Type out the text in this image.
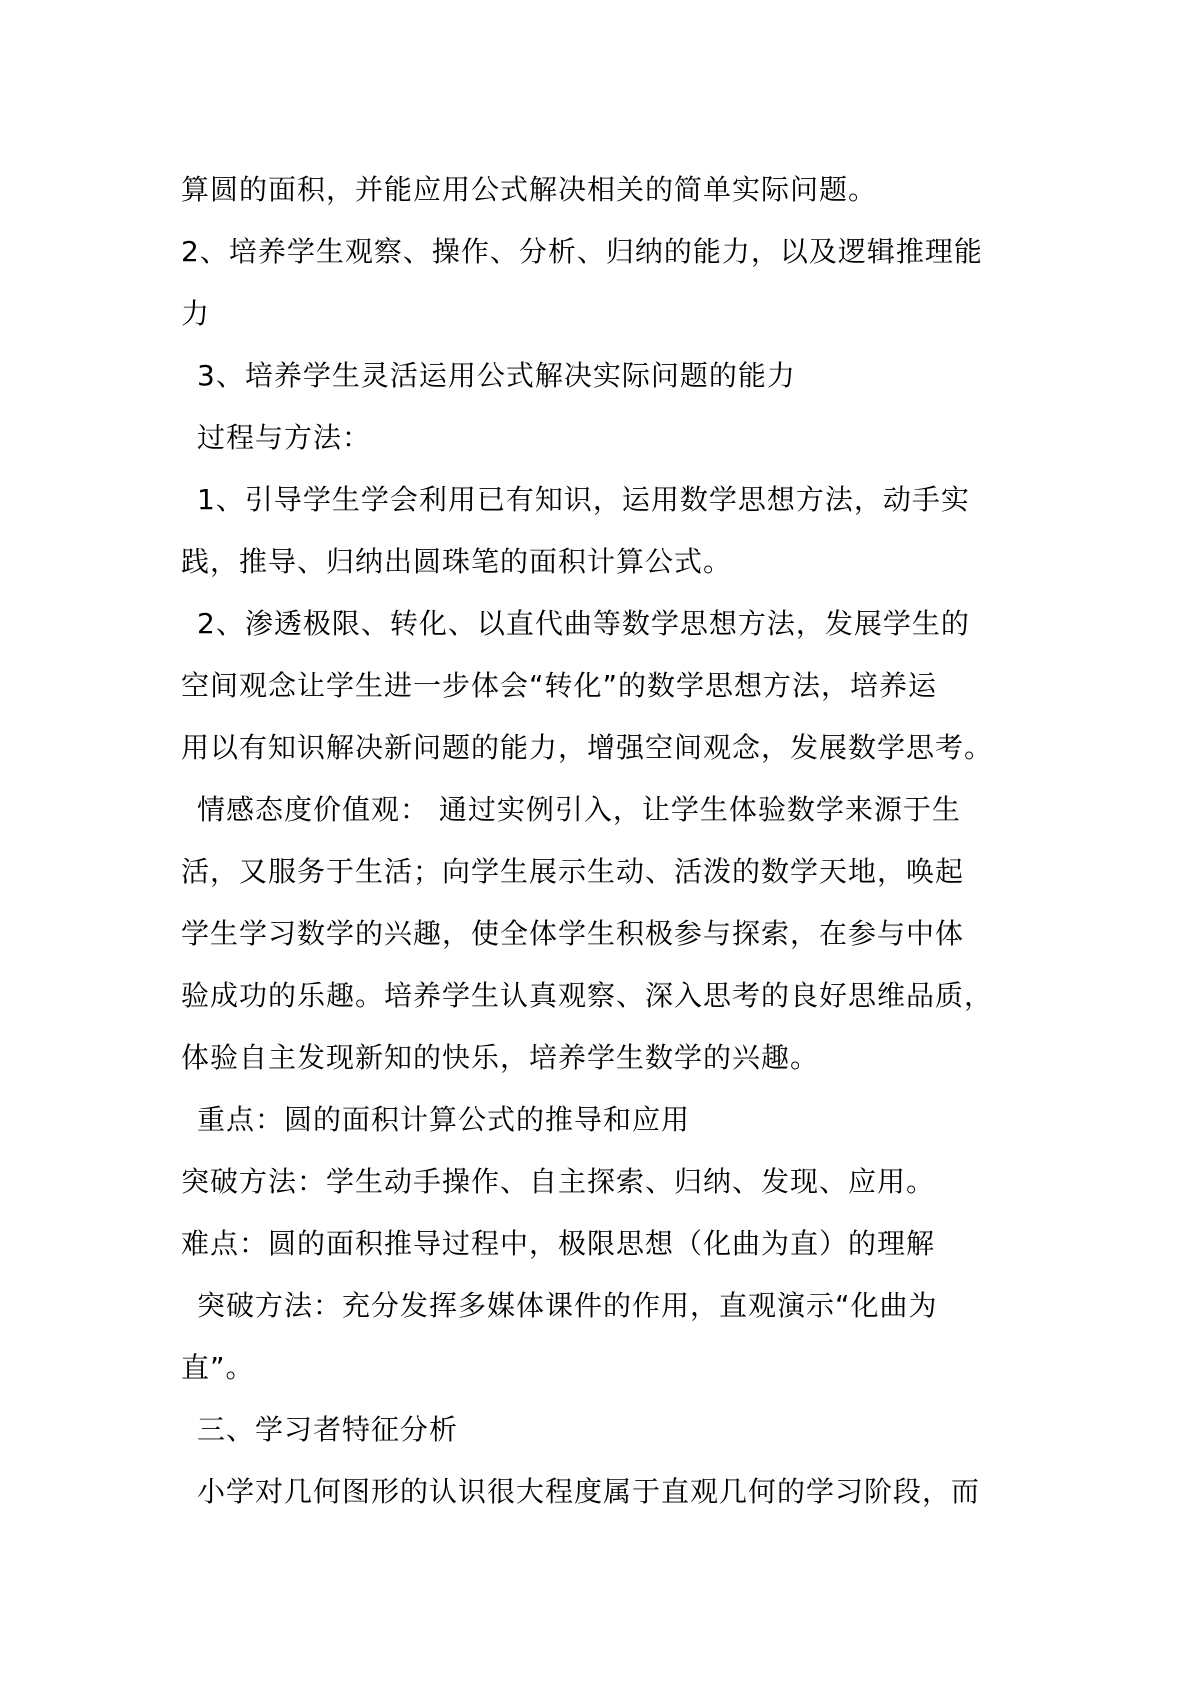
算圆的面积，并能应用公式解决相关的简单实际问题。

2、培养学生观察、操作、分析、归纳的能力，以及逻辑推理能

力

3、培养学生灵活运用公式解决实际问题的能力

过程与方法：

1、引导学生学会利用已有知识，运用数学思想方法，动手实

践，推导、归纳出圆珠笔的面积计算公式。

2、渗透极限、转化、以直代曲等数学思想方法，发展学生的

空间观念让学生进一步体会“转化”的数学思想方法，培养运

用以有知识解决新问题的能力，增强空间观念，发展数学思考。

情感态度价值观： 通过实例引入，让学生体验数学来源于生

活，又服务于生活；向学生展示生动、活泼的数学天地，唤起

学生学习数学的兴趣，使全体学生积极参与探索，在参与中体

验成功的乐趣。培养学生认真观察、深入思考的良好思维品质，

体验自主发现新知的快乐，培养学生数学的兴趣。

重点：圆的面积计算公式的推导和应用

突破方法：学生动手操作、自主探索、归纳、发现、应用。

难点：圆的面积推导过程中，极限思想（化曲为直）的理解

突破方法：充分发挥多媒体课件的作用，直观演示“化曲为

直”。

三、学习者特征分析

小学对几何图形的认识很大程度属于直观几何的学习阶段，而
